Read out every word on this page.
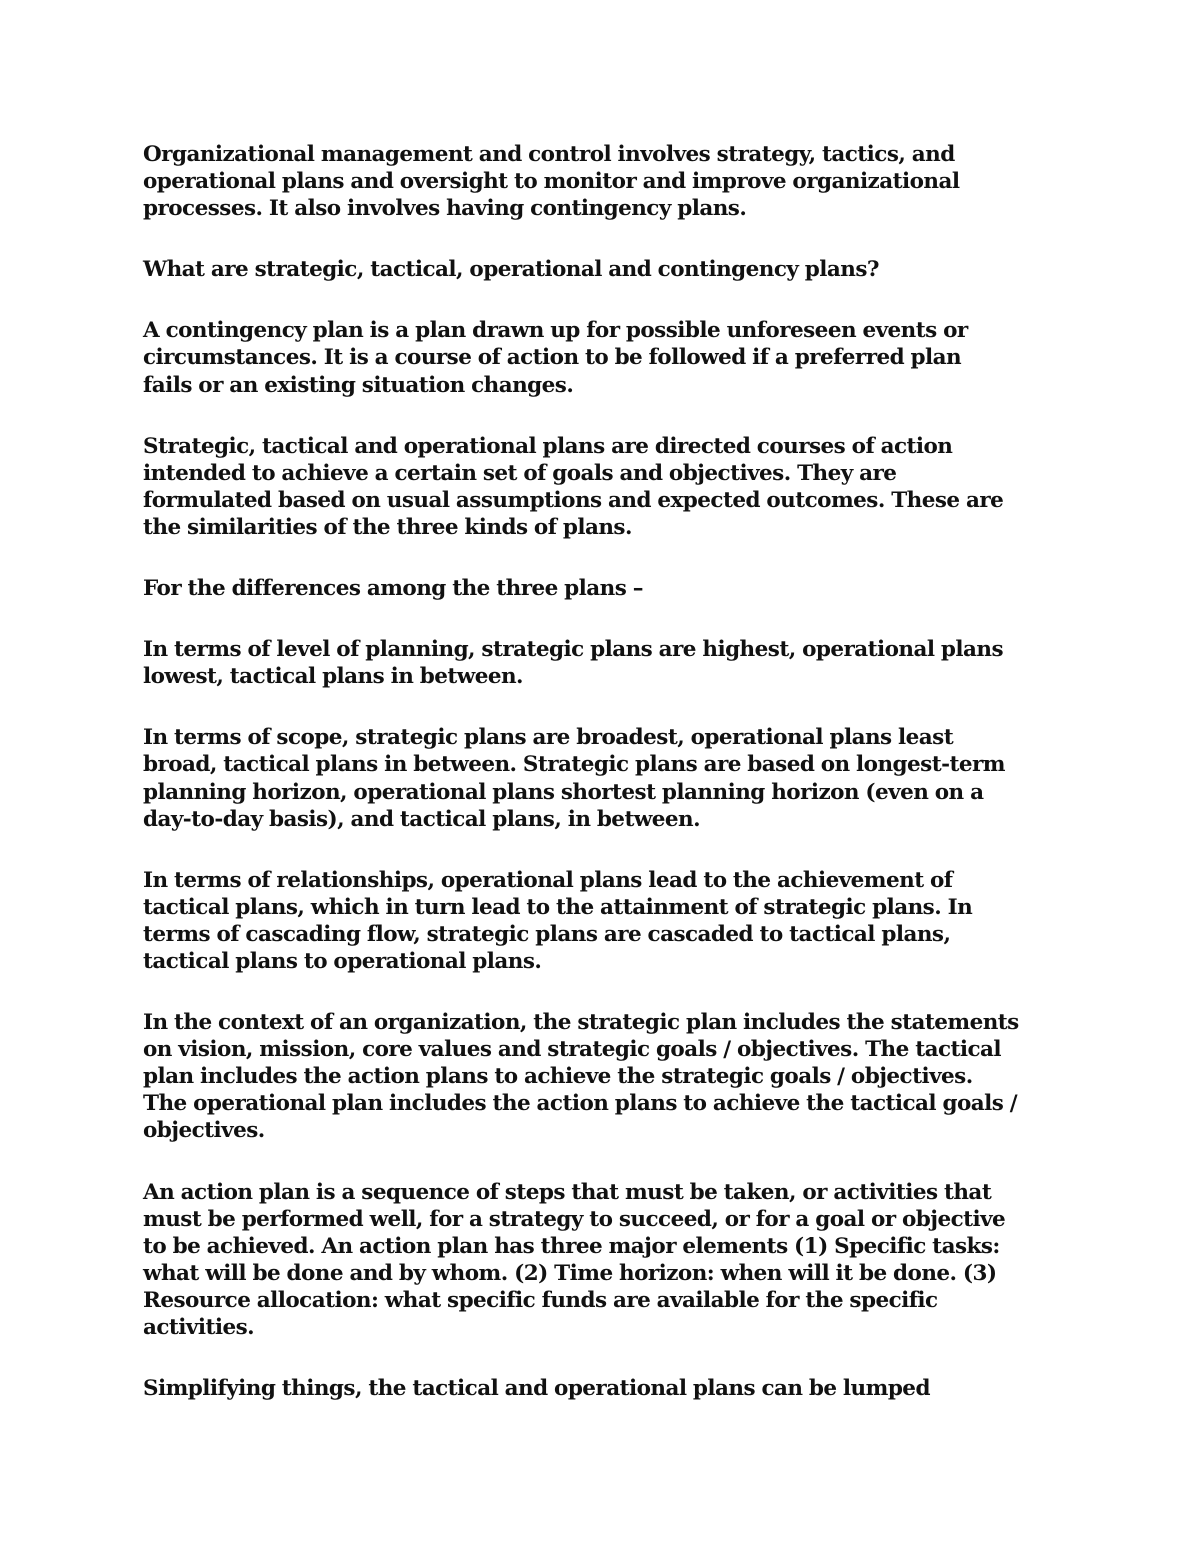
Organizational management and control involves strategy, tactics, and
operational plans and oversight to monitor and improve organizational
processes. It also involves having contingency plans.

What are strategic, tactical, operational and contingency plans?

A contingency plan is a plan drawn up for possible unforeseen events or
circumstances. It is a course of action to be followed if a preferred plan
fails or an existing situation changes.

Strategic, tactical and operational plans are directed courses of action
intended to achieve a certain set of goals and objectives. They are
formulated based on usual assumptions and expected outcomes. These are
the similarities of the three kinds of plans.

For the differences among the three plans –

In terms of level of planning, strategic plans are highest, operational plans
lowest, tactical plans in between.

In terms of scope, strategic plans are broadest, operational plans least
broad, tactical plans in between. Strategic plans are based on longest-term
planning horizon, operational plans shortest planning horizon (even on a
day-to-day basis), and tactical plans, in between.

In terms of relationships, operational plans lead to the achievement of
tactical plans, which in turn lead to the attainment of strategic plans. In
terms of cascading flow, strategic plans are cascaded to tactical plans,
tactical plans to operational plans.

In the context of an organization, the strategic plan includes the statements
on vision, mission, core values and strategic goals / objectives. The tactical
plan includes the action plans to achieve the strategic goals / objectives.
The operational plan includes the action plans to achieve the tactical goals /
objectives.

An action plan is a sequence of steps that must be taken, or activities that
must be performed well, for a strategy to succeed, or for a goal or objective
to be achieved. An action plan has three major elements (1) Specific tasks:
what will be done and by whom. (2) Time horizon: when will it be done. (3)
Resource allocation: what specific funds are available for the specific
activities.

Simplifying things, the tactical and operational plans can be lumped
